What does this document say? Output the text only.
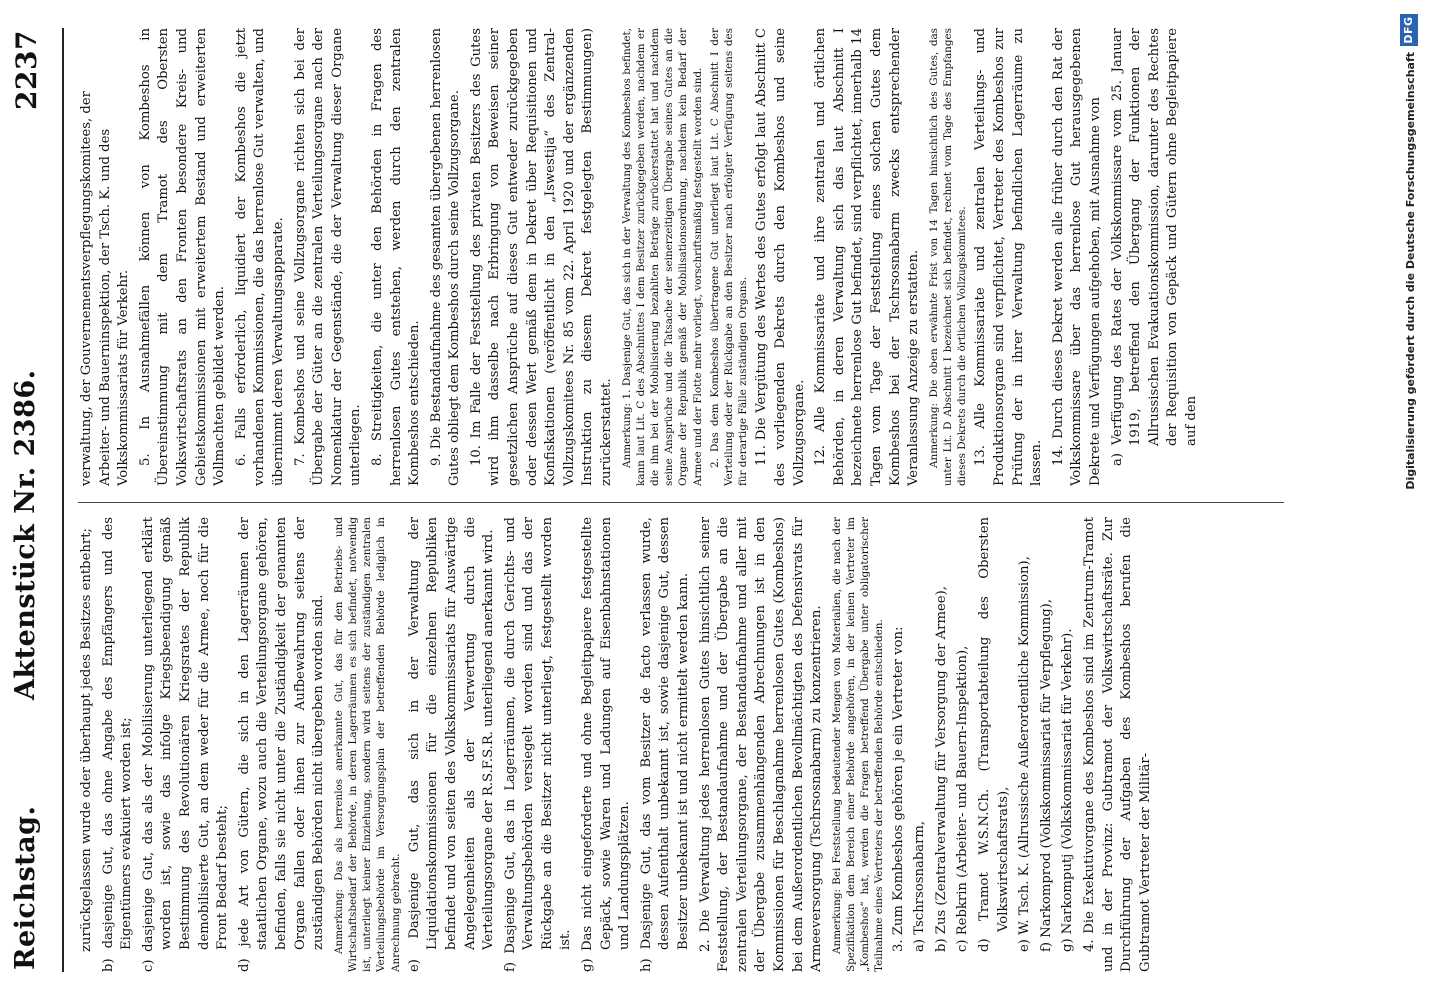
Reichstag.
Aktenstück Nr. 2386.
2237

zurückgelassen wurde oder überhaupt jedes Besitzes entbehrt; b) dasjenige Gut, das ohne Angabe des Empfängers und des Eigentümers evakuiert worden ist; c) dasjenige Gut, das als der Mobilisierung unterliegend erklärt worden ist, sowie das infolge Kriegsbeendigung gemäß Bestimmung des Revolutionären Kriegsrates der Republik demobilisierte Gut, an dem weder für die Armee, noch für die Front Bedarf besteht; d) jede Art von Gütern, die sich in den Lagerräumen der staatlichen Organe, wozu auch die Verteilungsorgane gehören, befinden, falls sie nicht unter die Zuständigkeit der genannten Organe fallen oder ihnen zur Aufbewahrung seitens der zuständigen Behörden nicht übergeben worden sind. Anmerkung: Das als herrenlos anerkannte Gut, das für den Betriebs- und Wirtschaftsbedarf der Behörde, in deren Lagerräumen es sich befindet, notwendig ist, unterliegt keiner Einziehung, sondern wird seitens der zuständigen zentralen Verteilungsbehörde im Versorgungsplan der betreffenden Behörde lediglich in Anrechnung gebracht. e) Dasjenige Gut, das sich in der Verwaltung der Liquidationskommissionen für die einzelnen Republiken befindet und von seiten des Volkskommissariats für Auswärtige Angelegenheiten als der Verwertung durch die Verteilungsorgane der R.S.F.S.R. unterliegend anerkannt wird. f) Dasjenige Gut, das in Lagerräumen, die durch Gerichts- und Verwaltungsbehörden versiegelt worden sind und das der Rückgabe an die Besitzer nicht unterliegt, festgestellt worden ist. g) Das nicht eingeforderte und ohne Begleitpapiere festgestellte Gepäck, sowie Waren und Ladungen auf Eisenbahnstationen und Landungsplätzen. h) Dasjenige Gut, das vom Besitzer de facto verlassen wurde, dessen Aufenthalt unbekannt ist, sowie dasjenige Gut, dessen Besitzer unbekannt ist und nicht ermittelt werden kann. 2. Die Verwaltung jedes herrenlosen Gutes hinsichtlich seiner Feststellung, der Bestandaufnahme und der Übergabe an die zentralen Verteilungsorgane, der Bestandaufnahme und aller mit der Übergabe zusammenhängenden Abrechnungen ist in den Kommissionen für Beschlagnahme herrenlosen Gutes (Kombeshos) bei dem Außerordentlichen Bevollmächtigten des Defensivrats für Armeeversorgung (Tschrsosnabarm) zu konzentrieren. Anmerkung: Bei Feststellung bedeutender Mengen von Materialien, die nach der Spezifikation dem Bereich einer Behörde angehören, in der keinen Vertreter im „Kombeshos“ hat, werden die Fragen betreffend Übergabe unter obligatorischer Teilnahme eines Vertreters der betreffenden Behörde entschieden. 3. Zum Kombeshos gehören je ein Vertreter von: a) Tschrsosnabarm, b) Zus (Zentralverwaltung für Versorgung der Armee), c) Rebkrin (Arbeiter- und Bauern-Inspektion), d) Tramot W.S.N.Ch. (Transportabteilung des Obersten Volkswirtschaftsrats), e) W. Tsch. K. (Allrussische Außerordentliche Kommission), f) Narkomprod (Volkskommissariat für Verpflegung), g) Narkomputj (Volkskommissariat für Verkehr). 4. Die Exekutivorgane des Kombeshos sind im Zentrum-Tramot und in der Provinz: Gubtramot der Volkswirtschaftsräte. Zur Durchführung der Aufgaben des Kombeshos berufen die Gubtramot Vertreter der Militär-

verwaltung, der Gouvernementsverpflegungskomitees, der Arbeiter- und Bauerninspektion, der Tsch. K. und des Volkskommissariats für Verkehr. 5. In Ausnahmefällen können von Kombeshos in Übereinstimmung mit dem Tramot des Obersten Volkswirtschaftsrats an den Fronten besondere Kreis- und Gebietskommissionen mit erweitertem Bestand und erweiterten Vollmachten gebildet werden. 6. Falls erforderlich, liquidiert der Kombeshos die jetzt vorhandenen Kommissionen, die das herrenlose Gut verwalten, und übernimmt deren Verwaltungsapparate. 7. Kombeshos und seine Vollzugsorgane richten sich bei der Übergabe der Güter an die zentralen Verteilungsorgane nach der Nomenklatur der Gegenstände, die der Verwaltung dieser Organe unterliegen. 8. Streitigkeiten, die unter den Behörden in Fragen des herrenlosen Gutes entstehen, werden durch den zentralen Kombeshos entschieden. 9. Die Bestandaufnahme des gesamten übergebenen herrenlosen Gutes obliegt dem Kombeshos durch seine Vollzugsorgane. 10. Im Falle der Feststellung des privaten Besitzers des Gutes wird ihm dasselbe nach Erbringung von Beweisen seiner gesetzlichen Ansprüche auf dieses Gut entweder zurückgegeben oder dessen Wert gemäß dem in Dekret über Requisitionen und Konfiskationen (veröffentlicht in den „Iswestija“ des Zentral-Vollzugskomitees Nr. 85 vom 22. April 1920 und der ergänzenden Instruktion zu diesem Dekret festgelegten Bestimmungen) zurückerstattet. Anmerkung: 1. Dasjenige Gut, das sich in der Verwaltung des Kombeshos befindet, kann laut Lit. C des Abschnittes I dem Besitzer zurückgegeben werden, nachdem er die ihm bei der Mobilisierung bezahlten Beträge zurückerstattet hat und nachdem seine Ansprüche und die Tatsache der seinerzeitigen Übergabe seines Gutes an die Organe der Republik gemäß der Mobilisationsordnung, nachdem kein Bedarf der Armee und der Flotte mehr vorliegt, vorschriftsmäßig festgestellt worden sind. 2. Das dem Kombeshos übertragene Gut unterliegt laut Lit. C Abschnitt I der Verteilung oder der Rückgabe an den Besitzer nach erfolgter Verfügung seitens des für derartige Fälle zuständigen Organs. 11. Die Vergütung des Wertes des Gutes erfolgt laut Abschnitt C des vorliegenden Dekrets durch den Kombeshos und seine Vollzugsorgane. 12. Alle Kommissariate und ihre zentralen und örtlichen Behörden, in deren Verwaltung sich das laut Abschnitt I bezeichnete herrenlose Gut befindet, sind verpflichtet, innerhalb 14 Tagen vom Tage der Feststellung eines solchen Gutes dem Kombeshos bei der Tschrsosnabarm zwecks entsprechender Veranlassung Anzeige zu erstatten. Anmerkung: Die oben erwähnte Frist von 14 Tagen hinsichtlich des Gutes, das unter Lit. D Abschnitt I bezeichnet sich befindet, rechnet vom Tage des Empfanges dieses Dekrets durch die örtlichen Vollzugskomitees. 13. Alle Kommissariate und zentralen Verteilungs- und Produktionsorgane sind verpflichtet, Vertreter des Kombeshos zur Prüfung der in ihrer Verwaltung befindlichen Lagerräume zu lassen. 14. Durch dieses Dekret werden alle früher durch den Rat der Volkskommissare über das herrenlose Gut herausgegebenen Dekrete und Verfügungen aufgehoben, mit Ausnahme von a) Verfügung des Rates der Volkskommissare vom 25. Januar 1919, betreffend den Übergang der Funktionen der Allrussischen Evakuationskommission, darunter des Rechtes der Requisition von Gepäck und Gütern ohne Begleitpapiere auf den	Digitalisierung gefördert durch die Deutsche Forschungsgemeinschaft
DFG
